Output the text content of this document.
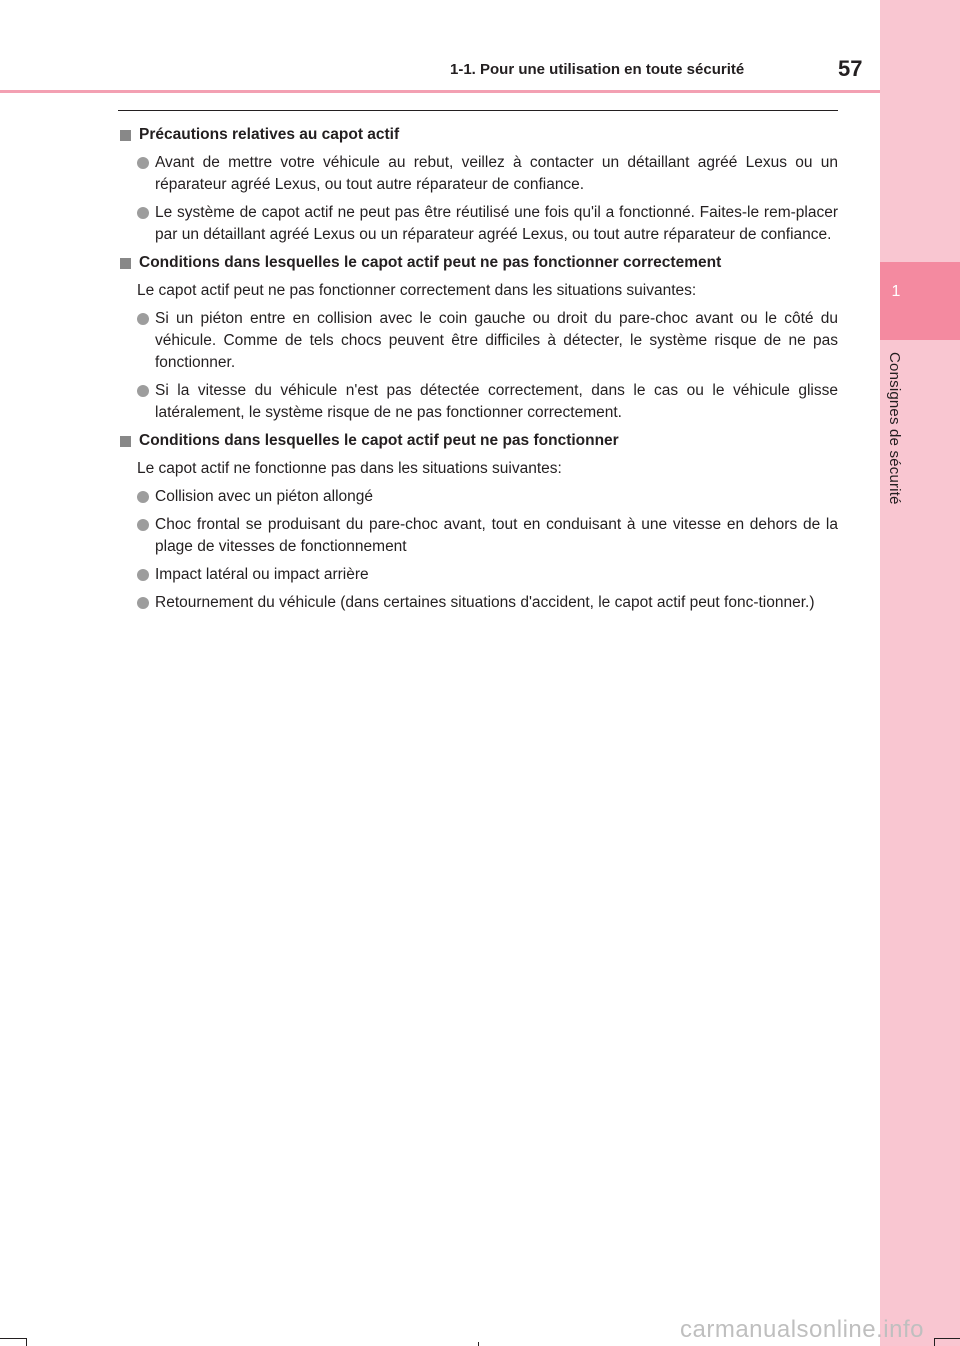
1
Consignes de sécurité
1-1. Pour une utilisation en toute sécurité	57
Précautions relatives au capot actif
Avant de mettre votre véhicule au rebut, veillez à contacter un détaillant agréé Lexus ou un réparateur agréé Lexus, ou tout autre réparateur de confiance.
Le système de capot actif ne peut pas être réutilisé une fois qu'il a fonctionné. Faites-le rem-placer par un détaillant agréé Lexus ou un réparateur agréé Lexus, ou tout autre réparateur de confiance.
Conditions dans lesquelles le capot actif peut ne pas fonctionner correctement
Le capot actif peut ne pas fonctionner correctement dans les situations suivantes:
Si un piéton entre en collision avec le coin gauche ou droit du pare-choc avant ou le côté du véhicule. Comme de tels chocs peuvent être difficiles à détecter, le système risque de ne pas fonctionner.
Si la vitesse du véhicule n'est pas détectée correctement, dans le cas ou le véhicule glisse latéralement, le système risque de ne pas fonctionner correctement.
Conditions dans lesquelles le capot actif peut ne pas fonctionner
Le capot actif ne fonctionne pas dans les situations suivantes:
Collision avec un piéton allongé
Choc frontal se produisant du pare-choc avant, tout en conduisant à une vitesse en dehors de la plage de vitesses de fonctionnement
Impact latéral ou impact arrière
Retournement du véhicule (dans certaines situations d'accident, le capot actif peut fonc-tionner.)
carmanualsonline.info
